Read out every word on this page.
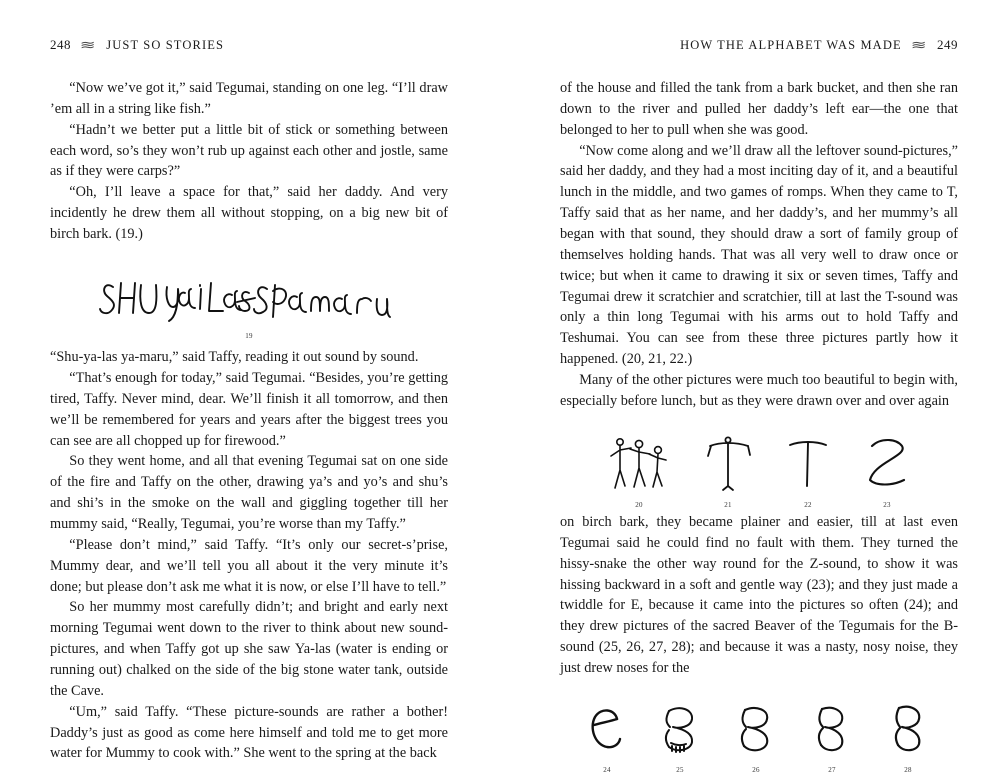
248 ≋ JUST SO STORIES

“Now we’ve got it,” said Tegumai, standing on one leg. “I’ll draw ’em all in a string like fish.”

“Hadn’t we better put a little bit of stick or something between each word, so’s they won’t rub up against each other and jostle, same as if they were carps?”

“Oh, I’ll leave a space for that,” said her daddy. And very incidently he drew them all without stopping, on a big new bit of birch bark. (19.)

19

“Shu-ya-las ya-maru,” said Taffy, reading it out sound by sound.

“That’s enough for today,” said Tegumai. “Besides, you’re getting tired, Taffy. Never mind, dear. We’ll finish it all tomorrow, and then we’ll be remembered for years and years after the biggest trees you can see are all chopped up for firewood.”

So they went home, and all that evening Tegumai sat on one side of the fire and Taffy on the other, drawing ya’s and yo’s and shu’s and shi’s in the smoke on the wall and giggling together till her mummy said, “Really, Tegumai, you’re worse than my Taffy.”

“Please don’t mind,” said Taffy. “It’s only our secret-s’prise, Mummy dear, and we’ll tell you all about it the very minute it’s done; but please don’t ask me what it is now, or else I’ll have to tell.”

So her mummy most carefully didn’t; and bright and early next morning Tegumai went down to the river to think about new sound-pictures, and when Taffy got up she saw Ya-las (water is ending or running out) chalked on the side of the big stone water tank, outside the Cave.

“Um,” said Taffy. “These picture-sounds are rather a bother! Daddy’s just as good as come here himself and told me to get more water for Mummy to cook with.” She went to the spring at the back

HOW THE ALPHABET WAS MADE ≋ 249

of the house and filled the tank from a bark bucket, and then she ran down to the river and pulled her daddy’s left ear—the one that belonged to her to pull when she was good.

“Now come along and we’ll draw all the leftover sound-pictures,” said her daddy, and they had a most inciting day of it, and a beautiful lunch in the middle, and two games of romps. When they came to T, Taffy said that as her name, and her daddy’s, and her mummy’s all began with that sound, they should draw a sort of family group of themselves holding hands. That was all very well to draw once or twice; but when it came to drawing it six or seven times, Taffy and Tegumai drew it scratchier and scratchier, till at last the T-sound was only a thin long Tegumai with his arms out to hold Taffy and Teshumai. You can see from these three pictures partly how it happened. (20, 21, 22.)

Many of the other pictures were much too beautiful to begin with, especially before lunch, but as they were drawn over and over again

20	21	22	23

on birch bark, they became plainer and easier, till at last even Tegumai said he could find no fault with them. They turned the hissy-snake the other way round for the Z-sound, to show it was hissing backward in a soft and gentle way (23); and they just made a twiddle for E, because it came into the pictures so often (24); and they drew pictures of the sacred Beaver of the Tegumais for the B-sound (25, 26, 27, 28); and because it was a nasty, nosy noise, they just drew noses for the

24	25	26	27	28
